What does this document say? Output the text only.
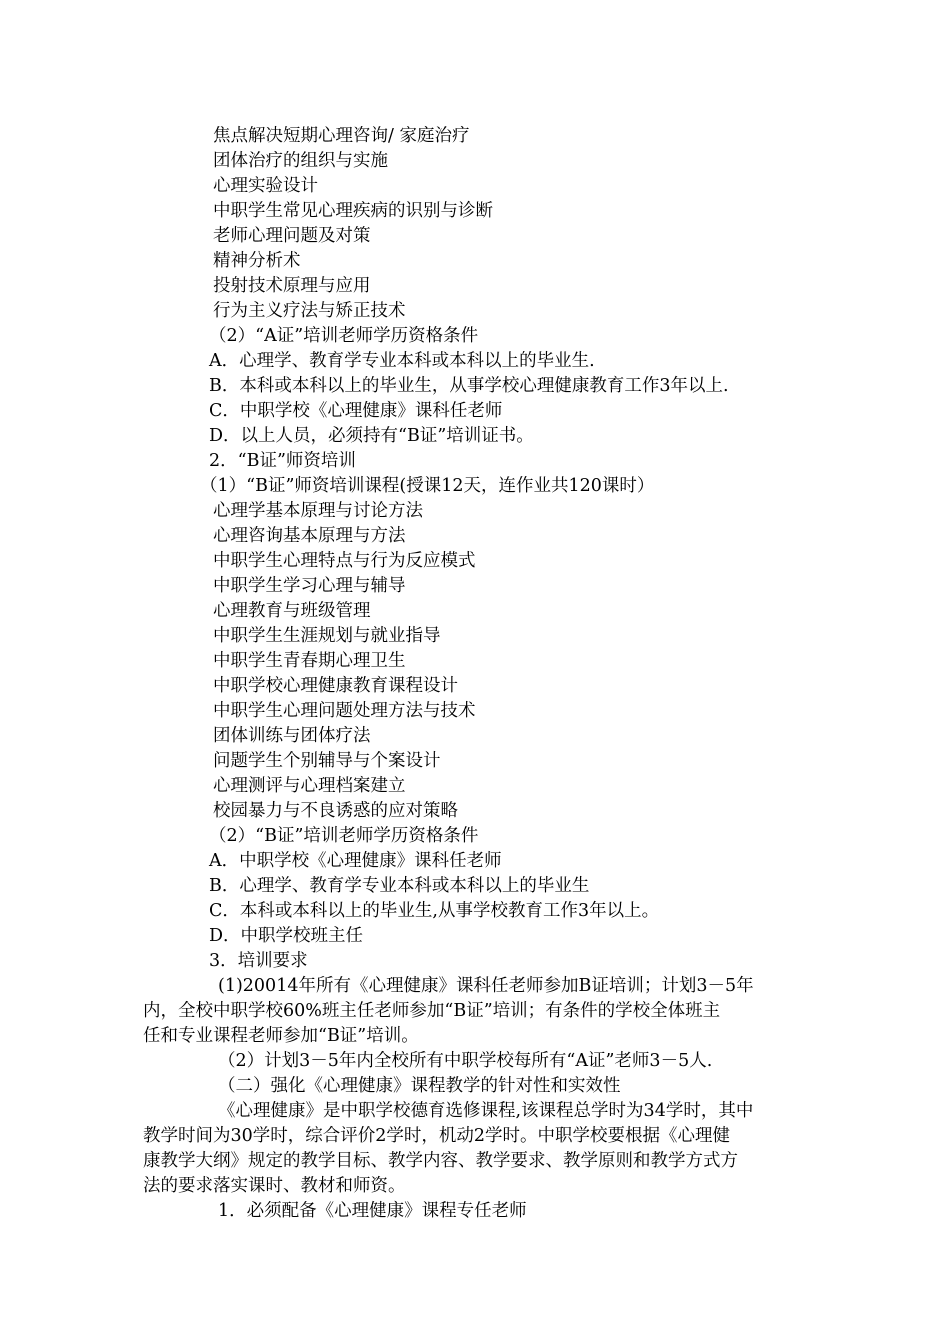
焦点解决短期心理咨询/ 家庭治疗
团体治疗的组织与实施
心理实验设计
中职学生常见心理疾病的识别与诊断
老师心理问题及对策
精神分析术
投射技术原理与应用
行为主义疗法与矫正技术
（2）“A证”培训老师学历资格条件
A．心理学、教育学专业本科或本科以上的毕业生.
B．本科或本科以上的毕业生，从事学校心理健康教育工作3年以上.
C．中职学校《心理健康》课科任老师
D．以上人员，必须持有“B证”培训证书。
2．“B证”师资培训
（1）“B证”师资培训课程(授课12天，连作业共120课时）
心理学基本原理与讨论方法
心理咨询基本原理与方法
中职学生心理特点与行为反应模式
中职学生学习心理与辅导
心理教育与班级管理
中职学生生涯规划与就业指导
中职学生青春期心理卫生
中职学校心理健康教育课程设计
中职学生心理问题处理方法与技术
团体训练与团体疗法
问题学生个别辅导与个案设计
心理测评与心理档案建立
校园暴力与不良诱惑的应对策略
（2）“B证”培训老师学历资格条件
A．中职学校《心理健康》课科任老师
B．心理学、教育学专业本科或本科以上的毕业生
C．本科或本科以上的毕业生,从事学校教育工作3年以上。
D．中职学校班主任
3．培训要求
(1)20014年所有《心理健康》课科任老师参加B证培训；计划3－5年
内，全校中职学校60%班主任老师参加“B证”培训；有条件的学校全体班主
任和专业课程老师参加“B证”培训。
（2）计划3－5年内全校所有中职学校每所有“A证”老师3－5人.
（二）强化《心理健康》课程教学的针对性和实效性
《心理健康》是中职学校德育选修课程,该课程总学时为34学时，其中
教学时间为30学时，综合评价2学时，机动2学时。中职学校要根据《心理健
康教学大纲》规定的教学目标、教学内容、教学要求、教学原则和教学方式方
法的要求落实课时、教材和师资。
1．必须配备《心理健康》课程专任老师
